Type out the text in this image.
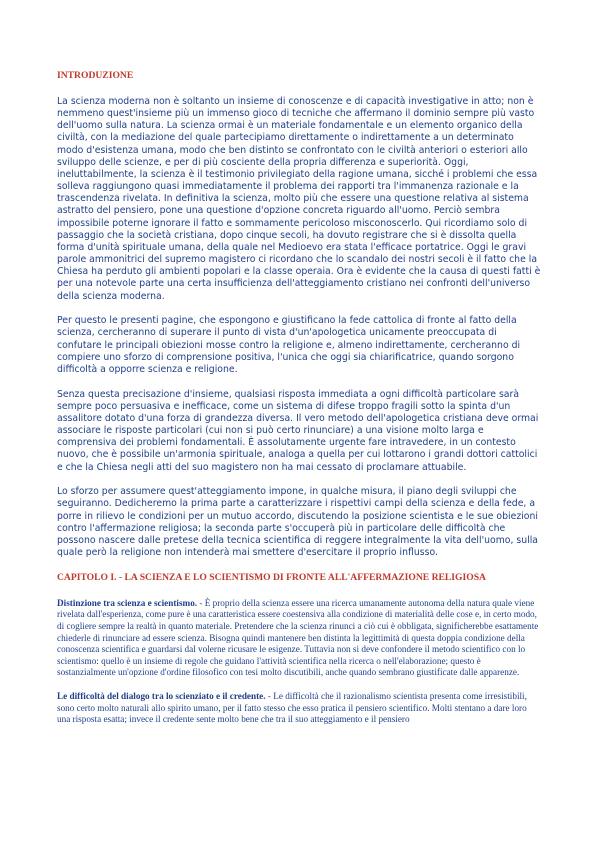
INTRODUZIONE

La scienza moderna non è soltanto un insieme di conoscenze e di capacità investigative in atto; non è nemmeno quest'insieme più un immenso gioco di tecniche che affermano il dominio sempre più vasto dell'uomo sulla natura. La scienza ormai è un materiale fondamentale e un elemento organico della civiltà, con la mediazione del quale partecipiamo direttamente o indirettamente a un determinato modo d'esistenza umana, modo che ben distinto se confrontato con le civiltà anteriori o esteriori allo sviluppo delle scienze, e per di più cosciente della propria differenza e superiorità. Oggi, ineluttabilmente, la scienza è il testimonio privilegiato della ragione umana, sicché i problemi che essa solleva raggiungono quasi immediatamente il problema dei rapporti tra l'immanenza razionale e la trascendenza rivelata. In definitiva la scienza, molto più che essere una questione relativa al sistema astratto del pensiero, pone una questione d'opzione concreta riguardo all'uomo. Perciò sembra impossibile poterne ignorare il fatto e sommamente pericoloso misconoscerlo. Qui ricordiamo solo di passaggio che la società cristiana, dopo cinque secoli, ha dovuto registrare che si è dissolta quella forma d'unità spirituale umana, della quale nel Medioevo era stata l'efficace portatrice. Oggi le gravi parole ammonitrici del supremo magistero ci ricordano che lo scandalo dei nostri secoli è il fatto che la Chiesa ha perduto gli ambienti popolari e la classe operaia. Ora è evidente che la causa di questi fatti è per una notevole parte una certa insufficienza dell'atteggiamento cristiano nei confronti dell'universo della scienza moderna.

Per questo le presenti pagine, che espongono e giustificano la fede cattolica di fronte al fatto della scienza, cercheranno di superare il punto di vista d'un'apologetica unicamente preoccupata di confutare le principali obiezioni mosse contro la religione e, almeno indirettamente, cercheranno di compiere uno sforzo di comprensione positiva, l'unica che oggi sia chiarificatrice, quando sorgono difficoltà a opporre scienza e religione.

Senza questa precisazione d'insieme, qualsiasi risposta immediata a ogni difficoltà particolare sarà sempre poco persuasiva e inefficace, come un sistema di difese troppo fragili sotto la spinta d'un assalitore dotato d'una forza di grandezza diversa. Il vero metodo dell'apologetica cristiana deve ormai associare le risposte particolari (cui non si può certo rinunciare) a una visione molto larga e comprensiva dei problemi fondamentali. È assolutamente urgente fare intravedere, in un contesto nuovo, che è possibile un'armonia spirituale, analoga a quella per cui lottarono i grandi dottori cattolici e che la Chiesa negli atti del suo magistero non ha mai cessato di proclamare attuabile.

Lo sforzo per assumere quest'atteggiamento impone, in qualche misura, il piano degli sviluppi che seguiranno. Dedicheremo la prima parte a caratterizzare i rispettivi campi della scienza e della fede, a porre in rilievo le condizioni per un mutuo accordo, discutendo la posizione scientista e le sue obiezioni contro l'affermazione religiosa; la seconda parte s'occuperà più in particolare delle difficoltà che possono nascere dalle pretese della tecnica scientifica di reggere integralmente la vita dell'uomo, sulla quale però la religione non intenderà mai smettere d'esercitare il proprio influsso.

CAPITOLO I. - LA SCIENZA E LO SCIENTISMO DI FRONTE ALL'AFFERMAZIONE RELIGIOSA

Distinzione tra scienza e scientismo. - È proprio della scienza essere una ricerca umanamente autonoma della natura quale viene rivelata dall'esperienza, come pure è una caratteristica essere coestensiva alla condizione di materialità delle cose e, in certo modo, di cogliere sempre la realtà in quanto materiale. Pretendere che la scienza rinunci a ciò cui è obbligata, significherebbe esattamente chiederle di rinunciare ad essere scienza. Bisogna quindi mantenere ben distinta la legittimità di questa doppia condizione della conoscenza scientifica e guardarsi dal volerne ricusare le esigenze. Tuttavia non si deve confondere il metodo scientifico con lo scientismo: quello è un insieme di regole che guidano l'attività scientifica nella ricerca o nell'elaborazione; questo è sostanzialmente un'opzione d'ordine filosofico con tesi molto discutibili, anche quando sembrano giustificate dalle apparenze.

Le difficoltà del dialogo tra lo scienziato e il credente. - Le difficoltà che il razionalismo scientista presenta come irresistibili, sono certo molto naturali allo spirito umano, per il fatto stesso che esso pratica il pensiero scientifico. Molti stentano a dare loro una risposta esatta; invece il credente sente molto bene che tra il suo atteggiamento e il pensiero
